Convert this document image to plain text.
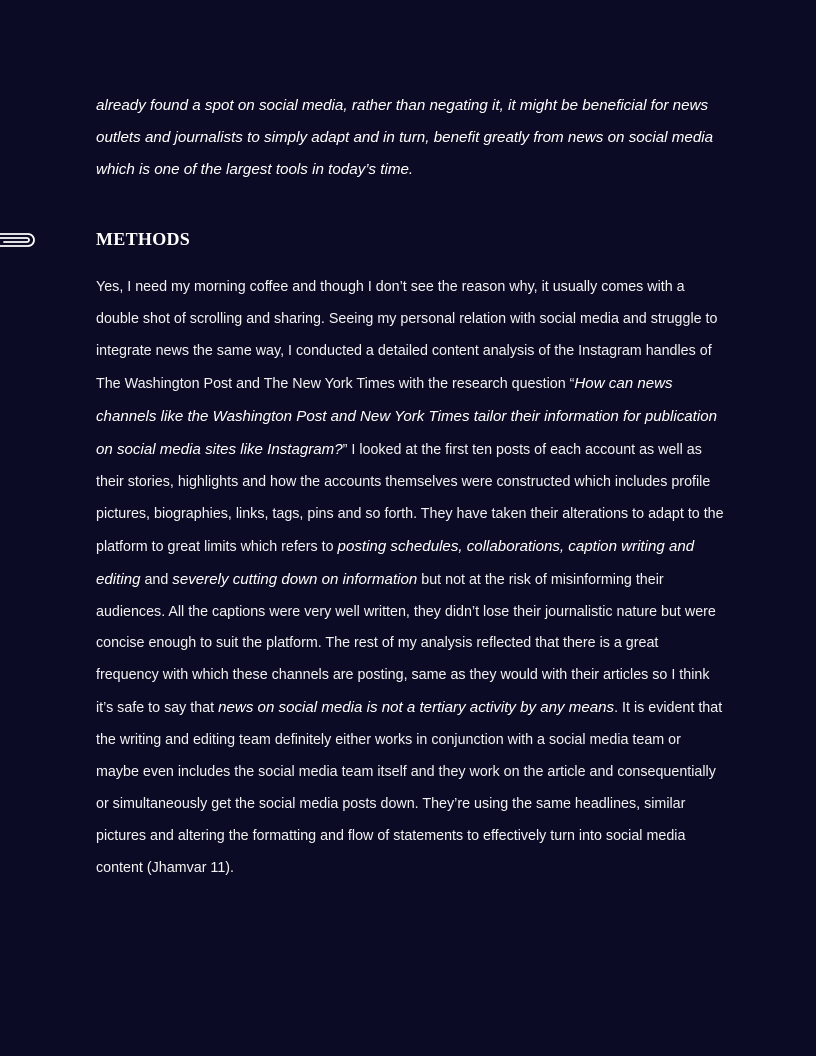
already found a spot on social media, rather than negating it, it might be beneficial for news outlets and journalists to simply adapt and in turn, benefit greatly from news on social media which is one of the largest tools in today’s time.

METHODS

Yes, I need my morning coffee and though I don’t see the reason why, it usually comes with a double shot of scrolling and sharing. Seeing my personal relation with social media and struggle to integrate news the same way, I conducted a detailed content analysis of the Instagram handles of The Washington Post and The New York Times with the research question “How can news channels like the Washington Post and New York Times tailor their information for publication on social media sites like Instagram?” I looked at the first ten posts of each account as well as their stories, highlights and how the accounts themselves were constructed which includes profile pictures, biographies, links, tags, pins and so forth. They have taken their alterations to adapt to the platform to great limits which refers to posting schedules, collaborations, caption writing and editing and severely cutting down on information but not at the risk of misinforming their audiences. All the captions were very well written, they didn’t lose their journalistic nature but were concise enough to suit the platform. The rest of my analysis reflected that there is a great frequency with which these channels are posting, same as they would with their articles so I think it’s safe to say that news on social media is not a tertiary activity by any means. It is evident that the writing and editing team definitely either works in conjunction with a social media team or maybe even includes the social media team itself and they work on the article and consequentially or simultaneously get the social media posts down. They’re using the same headlines, similar pictures and altering the formatting and flow of statements to effectively turn into social media content (Jhamvar 11).
